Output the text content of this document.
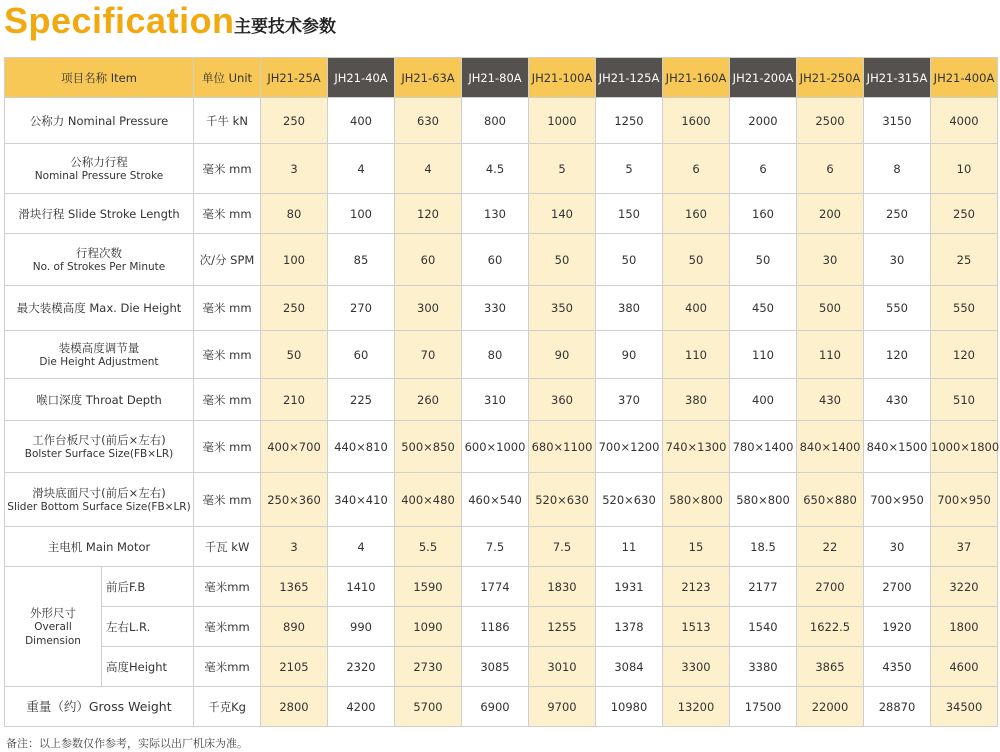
Specification 主要技术参数
项目名称 Item		单位 Unit	JH21-25A	JH21-40A	JH21-63A	JH21-80A	JH21-100A	JH21-125A	JH21-160A	JH21-200A	JH21-250A	JH21-315A	JH21-400A
公称力 Nominal Pressure		千牛 kN	250	400	630	800	1000	1250	1600	2000	2500	3150	4000

公称力行程
Nominal Pressure Stroke		毫米 mm	3	4	4	4.5	5	5	6	6	6	8	10
滑块行程 Slide Stroke Length		毫米 mm	80	100	120	130	140	150	160	160	200	250	250

行程次数
No. of Strokes Per Minute		次/分 SPM	100	85	60	60	50	50	50	50	30	30	25
最大装模高度 Max. Die Height		毫米 mm	250	270	300	330	350	380	400	450	500	550	550

装模高度调节量
Die Height Adjustment		毫米 mm	50	60	70	80	90	90	110	110	110	120	120
喉口深度 Throat Depth		毫米 mm	210	225	260	310	360	370	380	400	430	430	510

工作台板尺寸(前后×左右)
Bolster Surface Size(FB×LR)		毫米 mm	400×700	440×810	500×850	600×1000	680×1100	700×1200	740×1300	780×1400	840×1400	840×1500	1000×1800

滑块底面尺寸(前后×左右)
Slider Bottom Surface Size(FB×LR)		毫米 mm	250×360	340×410	400×480	460×540	520×630	520×630	580×800	580×800	650×880	700×950	700×950
主电机 Main Motor		千瓦 kW	3	4	5.5	7.5	7.5	11	15	18.5	22	30	37

外形尺寸
Overall
Dimension	前后F.B	毫米mm	1365	1410	1590	1774	1830	1931	2123	2177	2700	2700	3220
	左右L.R.	毫米mm	890	990	1090	1186	1255	1378	1513	1540	1622.5	1920	1800
	高度Height	毫米mm	2105	2320	2730	3085	3010	3084	3300	3380	3865	4350	4600
重量（约）Gross Weight		千克Kg	2800	4200	5700	6900	9700	10980	13200	17500	22000	28870	34500
备注：以上参数仅作参考，实际以出厂机床为准。
